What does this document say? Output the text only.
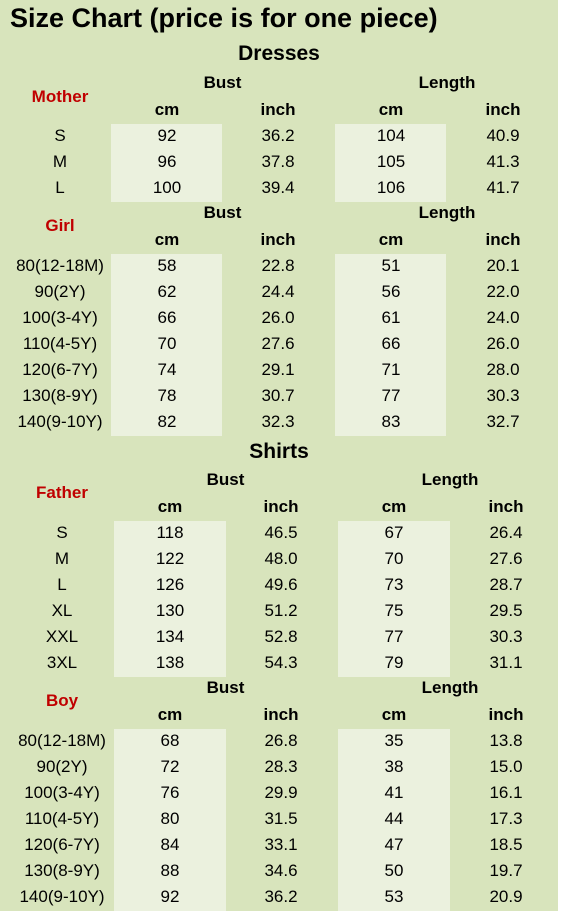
Size Chart (price is for one piece)
Dresses
Shirts
Mother
Bust	Length
cm	inch	cm	inch
S	92	36.2	104	40.9
M	96	37.8	105	41.3
L	100	39.4	106	41.7
Girl
Bust	Length
cm	inch	cm	inch
80(12-18M)	58	22.8	51	20.1
90(2Y)	62	24.4	56	22.0
100(3-4Y)	66	26.0	61	24.0
110(4-5Y)	70	27.6	66	26.0
120(6-7Y)	74	29.1	71	28.0
130(8-9Y)	78	30.7	77	30.3
140(9-10Y)	82	32.3	83	32.7
Father
Bust	Length
cm	inch	cm	inch
S	118	46.5	67	26.4
M	122	48.0	70	27.6
L	126	49.6	73	28.7
XL	130	51.2	75	29.5
XXL	134	52.8	77	30.3
3XL	138	54.3	79	31.1
Boy
Bust	Length
cm	inch	cm	inch
80(12-18M)	68	26.8	35	13.8
90(2Y)	72	28.3	38	15.0
100(3-4Y)	76	29.9	41	16.1
110(4-5Y)	80	31.5	44	17.3
120(6-7Y)	84	33.1	47	18.5
130(8-9Y)	88	34.6	50	19.7
140(9-10Y)	92	36.2	53	20.9
